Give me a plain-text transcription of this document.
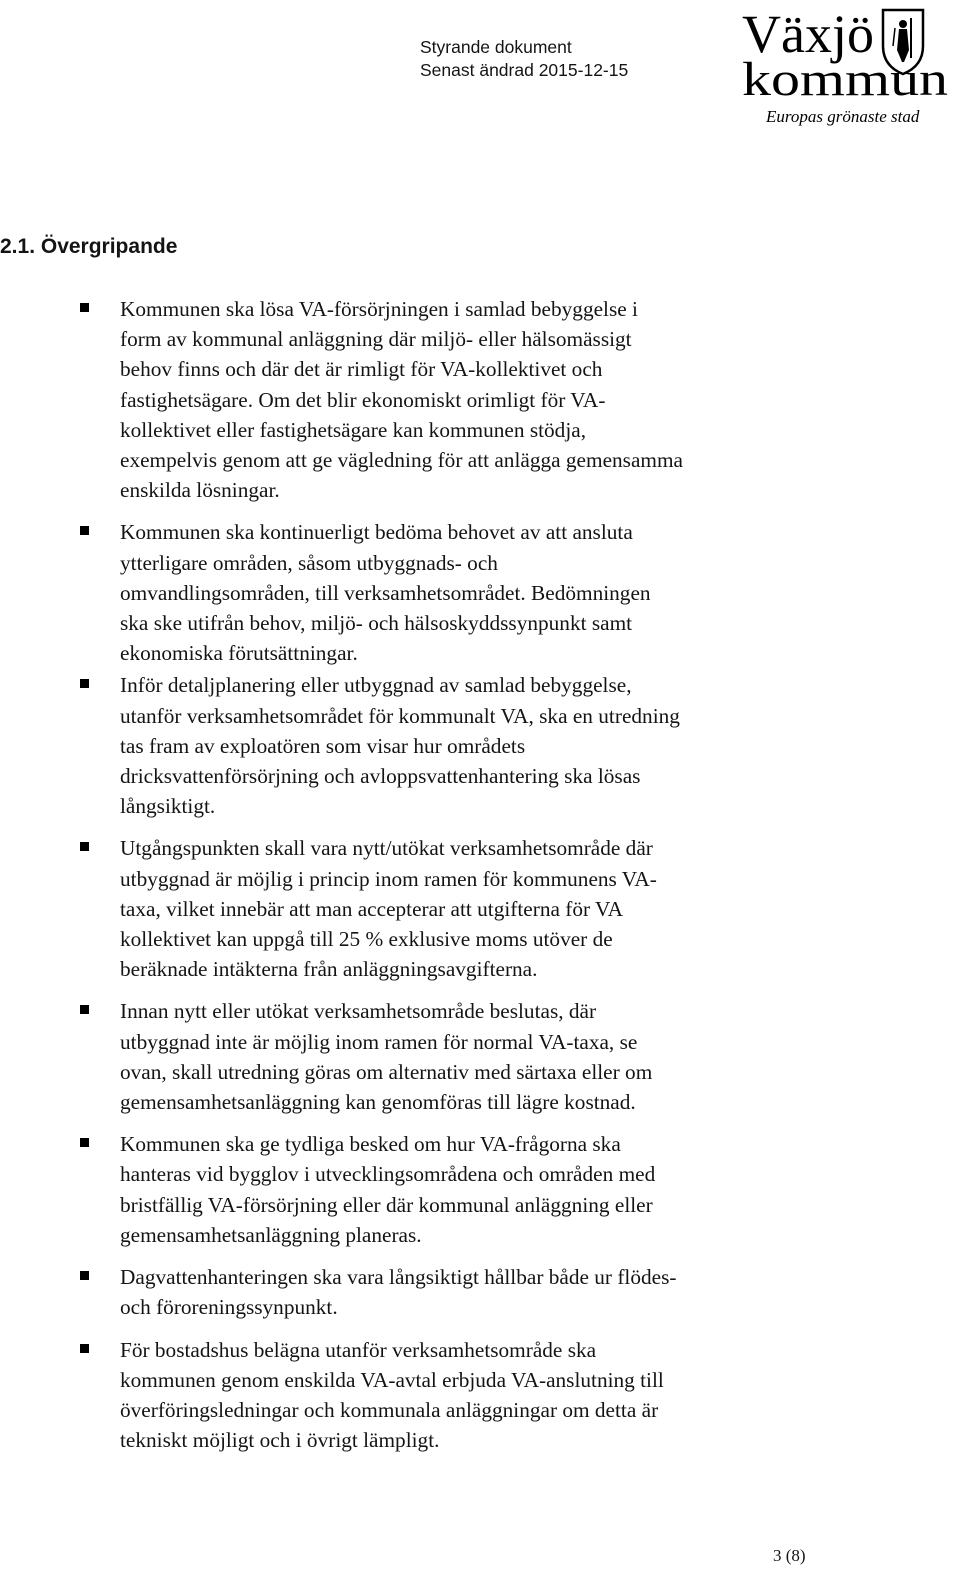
Styrande dokument
Senast ändrad 2015-12-15
Växjö
kommun
Europas grönaste stad
2.1. Övergripande
Kommunen ska lösa VA-försörjningen i samlad bebyggelse i
form av kommunal anläggning där miljö- eller hälsomässigt
behov finns och där det är rimligt för VA-kollektivet och
fastighetsägare. Om det blir ekonomiskt orimligt för VA-
kollektivet eller fastighetsägare kan kommunen stödja,
exempelvis genom att ge vägledning för att anlägga gemensamma
enskilda lösningar.
Kommunen ska kontinuerligt bedöma behovet av att ansluta
ytterligare områden, såsom utbyggnads- och
omvandlingsområden, till verksamhetsområdet. Bedömningen
ska ske utifrån behov, miljö- och hälsoskyddssynpunkt samt
ekonomiska förutsättningar.
Inför detaljplanering eller utbyggnad av samlad bebyggelse,
utanför verksamhetsområdet för kommunalt VA, ska en utredning
tas fram av exploatören som visar hur områdets
dricksvattenförsörjning och avloppsvattenhantering ska lösas
långsiktigt.
Utgångspunkten skall vara nytt/utökat verksamhetsområde där
utbyggnad är möjlig i princip inom ramen för kommunens VA-
taxa, vilket innebär att man accepterar att utgifterna för VA
kollektivet kan uppgå till 25 % exklusive moms utöver de
beräknade intäkterna från anläggningsavgifterna.
Innan nytt eller utökat verksamhetsområde beslutas, där
utbyggnad inte är möjlig inom ramen för normal VA-taxa, se
ovan, skall utredning göras om alternativ med särtaxa eller om
gemensamhetsanläggning kan genomföras till lägre kostnad.
Kommunen ska ge tydliga besked om hur VA-frågorna ska
hanteras vid bygglov i utvecklingsområdena och områden med
bristfällig VA-försörjning eller där kommunal anläggning eller
gemensamhetsanläggning planeras.
Dagvattenhanteringen ska vara långsiktigt hållbar både ur flödes-
och föroreningssynpunkt.
För bostadshus belägna utanför verksamhetsområde ska
kommunen genom enskilda VA-avtal erbjuda VA-anslutning till
överföringsledningar och kommunala anläggningar om detta är
tekniskt möjligt och i övrigt lämpligt.
3 (8)
